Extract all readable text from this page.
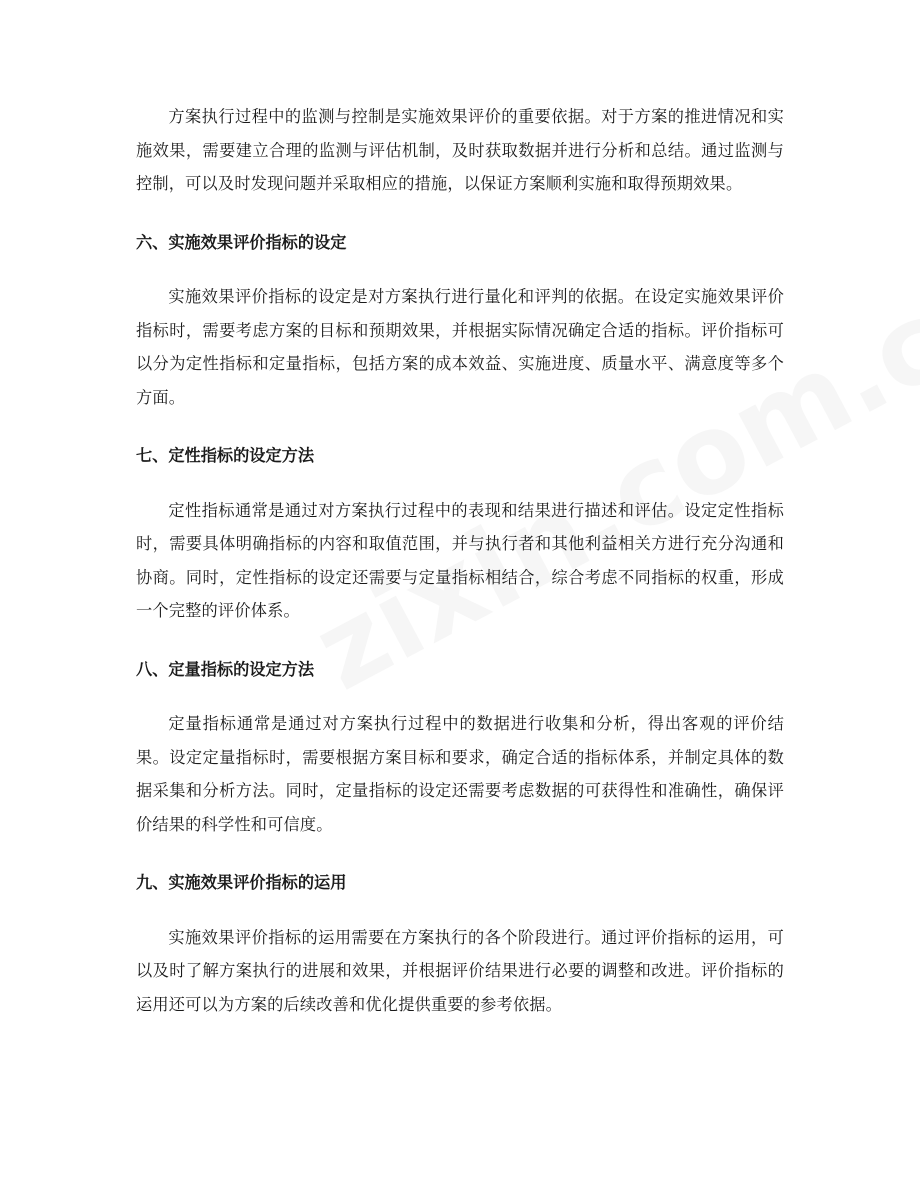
方案执行过程中的监测与控制是实施效果评价的重要依据。对于方案的推进情况和实施效果，需要建立合理的监测与评估机制，及时获取数据并进行分析和总结。通过监测与控制，可以及时发现问题并采取相应的措施，以保证方案顺利实施和取得预期效果。

六、实施效果评价指标的设定

实施效果评价指标的设定是对方案执行进行量化和评判的依据。在设定实施效果评价指标时，需要考虑方案的目标和预期效果，并根据实际情况确定合适的指标。评价指标可以分为定性指标和定量指标，包括方案的成本效益、实施进度、质量水平、满意度等多个方面。

七、定性指标的设定方法

定性指标通常是通过对方案执行过程中的表现和结果进行描述和评估。设定定性指标时，需要具体明确指标的内容和取值范围，并与执行者和其他利益相关方进行充分沟通和协商。同时，定性指标的设定还需要与定量指标相结合，综合考虑不同指标的权重，形成一个完整的评价体系。

八、定量指标的设定方法

定量指标通常是通过对方案执行过程中的数据进行收集和分析，得出客观的评价结果。设定定量指标时，需要根据方案目标和要求，确定合适的指标体系，并制定具体的数据采集和分析方法。同时，定量指标的设定还需要考虑数据的可获得性和准确性，确保评价结果的科学性和可信度。

九、实施效果评价指标的运用

实施效果评价指标的运用需要在方案执行的各个阶段进行。通过评价指标的运用，可以及时了解方案执行的进展和效果，并根据评价结果进行必要的调整和改进。评价指标的运用还可以为方案的后续改善和优化提供重要的参考依据。
